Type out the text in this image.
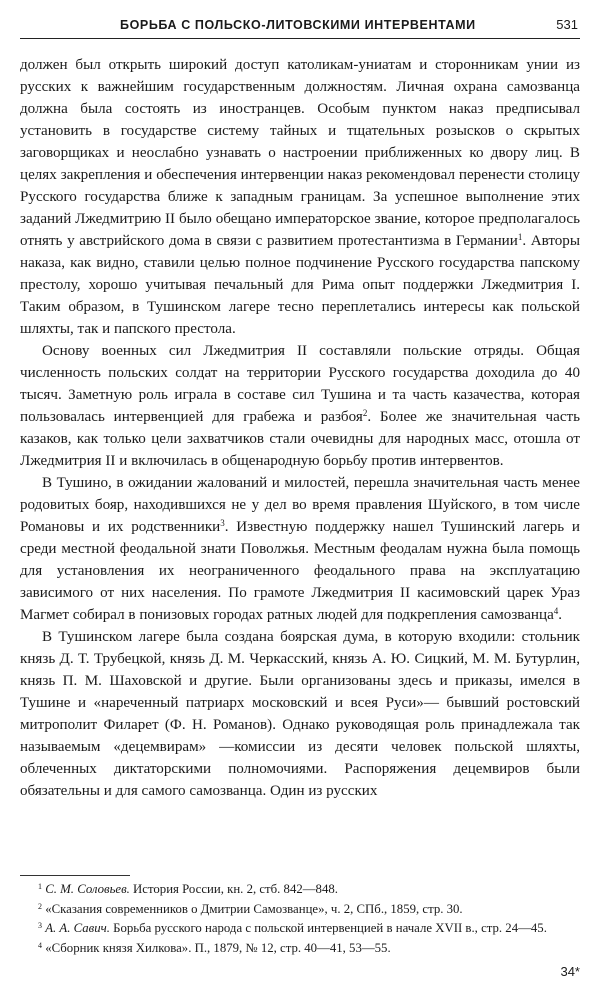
БОРЬБА С ПОЛЬСКО-ЛИТОВСКИМИ ИНТЕРВЕНТАМИ	531

должен был открыть широкий доступ католикам-униатам и сторонникам унии из русских к важнейшим государственным должностям. Личная охрана самозванца должна была состоять из иностранцев. Особым пунктом наказ предписывал установить в государстве систему тайных и тщательных розысков о скрытых заговорщиках и неослабно узнавать о настроении приближенных ко двору лиц. В целях закрепления и обеспечения интервенции наказ рекомендовал перенести столицу Русского государства ближе к западным границам. За успешное выполнение этих заданий Лжедмитрию II было обещано императорское звание, которое предполагалось отнять у австрийского дома в связи с развитием протестантизма в Германии$^1$. Авторы наказа, как видно, ставили целью полное подчинение Русского государства папскому престолу, хорошо учитывая печальный для Рима опыт поддержки Лжедмитрия I. Таким образом, в Тушинском лагере тесно переплетались интересы как польской шляхты, так и папского престола.

Основу военных сил Лжедмитрия II составляли польские отряды. Общая численность польских солдат на территории Русского государства доходила до 40 тысяч. Заметную роль играла в составе сил Тушина и та часть казачества, которая пользовалась интервенцией для грабежа и разбоя$^2$. Более же значительная часть казаков, как только цели захватчиков стали очевидны для народных масс, отошла от Лжедмитрия II и включилась в общенародную борьбу против интервентов.

В Тушино, в ожидании жалований и милостей, перешла значительная часть менее родовитых бояр, находившихся не у дел во время правления Шуйского, в том числе Романовы и их родственники$^3$. Известную поддержку нашел Тушинский лагерь и среди местной феодальной знати Поволжья. Местным феодалам нужна была помощь для установления их неограниченного феодального права на эксплуатацию зависимого от них населения. По грамоте Лжедмитрия II касимовский царек Ураз Магмет собирал в понизовых городах ратных людей для подкрепления самозванца$^4$.

В Тушинском лагере была создана боярская дума, в которую входили: стольник князь Д. Т. Трубецкой, князь Д. М. Черкасский, князь А. Ю. Сицкий, М. М. Бутурлин, князь П. М. Шаховской и другие. Были организованы здесь и приказы, имелся в Тушине и «нареченный патриарх московский и всея Руси»— бывший ростовский митрополит Филарет (Ф. Н. Романов). Однако руководящая роль принадлежала так называемым «децемвирам» —комиссии из десяти человек польской шляхты, облеченных диктаторскими полномочиями. Распоряжения децемвиров были обязательны и для самого самозванца. Один из русских

$^1$ С. М. Соловьев. История России, кн. 2, стб. 842—848.

$^2$ «Сказания современников о Дмитрии Самозванце», ч. 2, СПб., 1859, стр. 30.

$^3$ А. А. Савич. Борьба русского народа с польской интервенцией в начале XVII в., стр. 24—45.

$^4$ «Сборник князя Хилкова». П., 1879, № 12, стр. 40—41, 53—55.

34*
